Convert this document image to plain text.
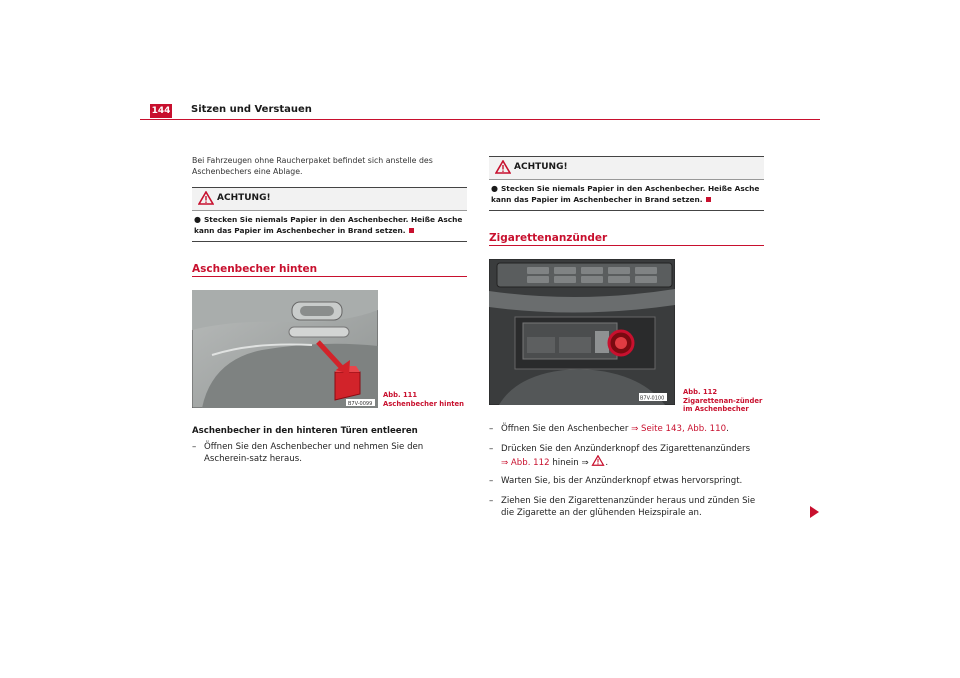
144 Sitzen und Verstauen
Bei Fahrzeugen ohne Raucherpaket befindet sich anstelle des Aschenbechers eine Ablage.
ACHTUNG!
● Stecken Sie niemals Papier in den Aschenbecher. Heiße Asche kann das Papier im Aschenbecher in Brand setzen.
Aschenbecher hinten
B7V-0099
Abb. 111 Aschenbecher hinten
Aschenbecher in den hinteren Türen entleeren
– Öffnen Sie den Aschenbecher und nehmen Sie den Ascherein-satz heraus.
ACHTUNG!
● Stecken Sie niemals Papier in den Aschenbecher. Heiße Asche kann das Papier im Aschenbecher in Brand setzen.
Zigarettenanzünder
B7V-0100
Abb. 112 Zigarettenan-zünder im Aschenbecher
– Öffnen Sie den Aschenbecher ⇒ Seite 143, Abb. 110.
– Drücken Sie den Anzünderknopf des Zigarettenanzünders
⇒ Abb. 112 hinein ⇒ .
– Warten Sie, bis der Anzünderknopf etwas hervorspringt.
– Ziehen Sie den Zigarettenanzünder heraus und zünden Sie die Zigarette an der glühenden Heizspirale an.
